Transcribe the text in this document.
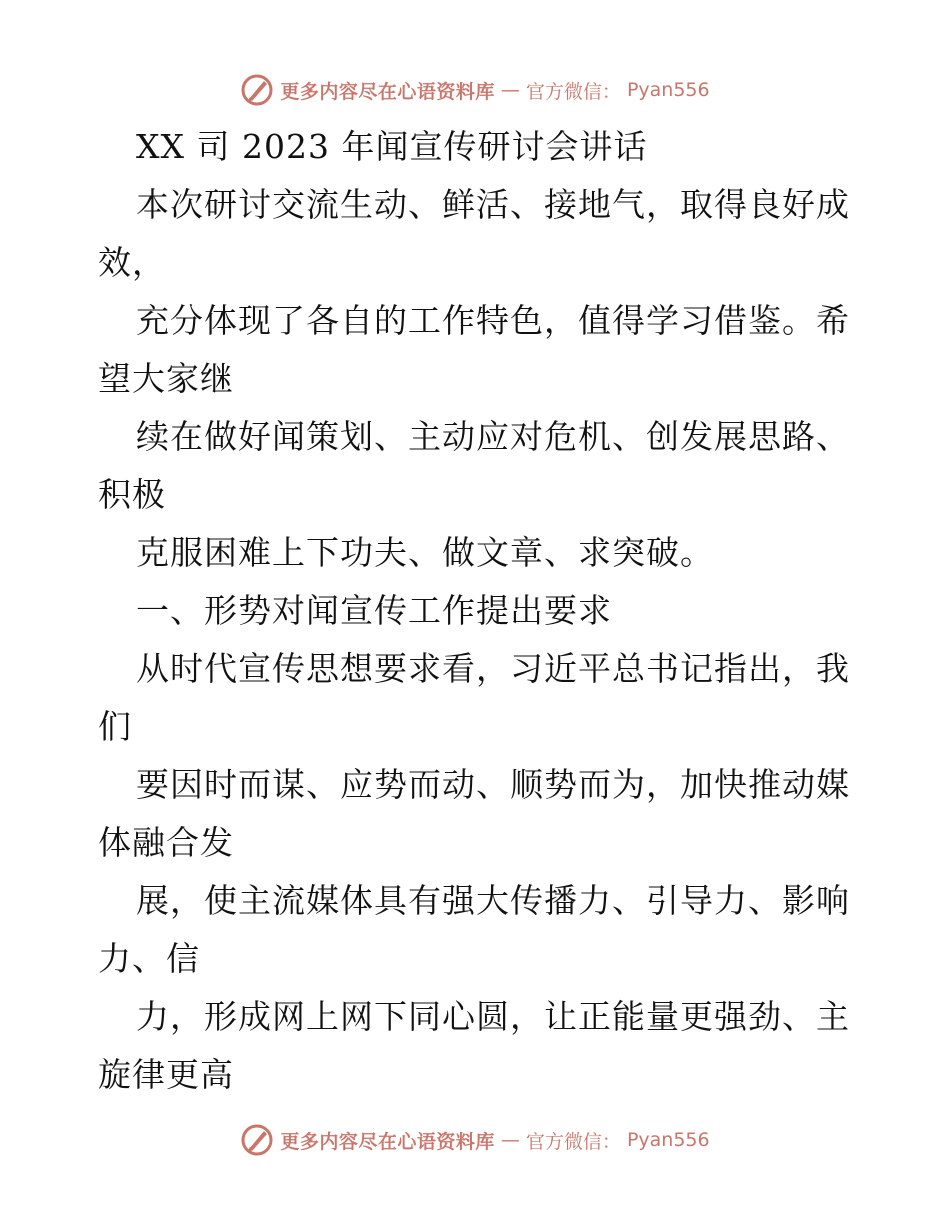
更多内容尽在心语资料库 — 官方微信： Pyan556
XX 司 2023 年闻宣传研讨会讲话
本次研讨交流生动、鲜活、接地气，取得良好成
效，
充分体现了各自的工作特色，值得学习借鉴。希
望大家继
续在做好闻策划、主动应对危机、创发展思路、
积极
克服困难上下功夫、做文章、求突破。
一、形势对闻宣传工作提出要求
从时代宣传思想要求看，习近平总书记指出，我
们
要因时而谋、应势而动、顺势而为，加快推动媒
体融合发
展，使主流媒体具有强大传播力、引导力、影响
力、信
力，形成网上网下同心圆，让正能量更强劲、主
旋律更高
更多内容尽在心语资料库 — 官方微信： Pyan556
